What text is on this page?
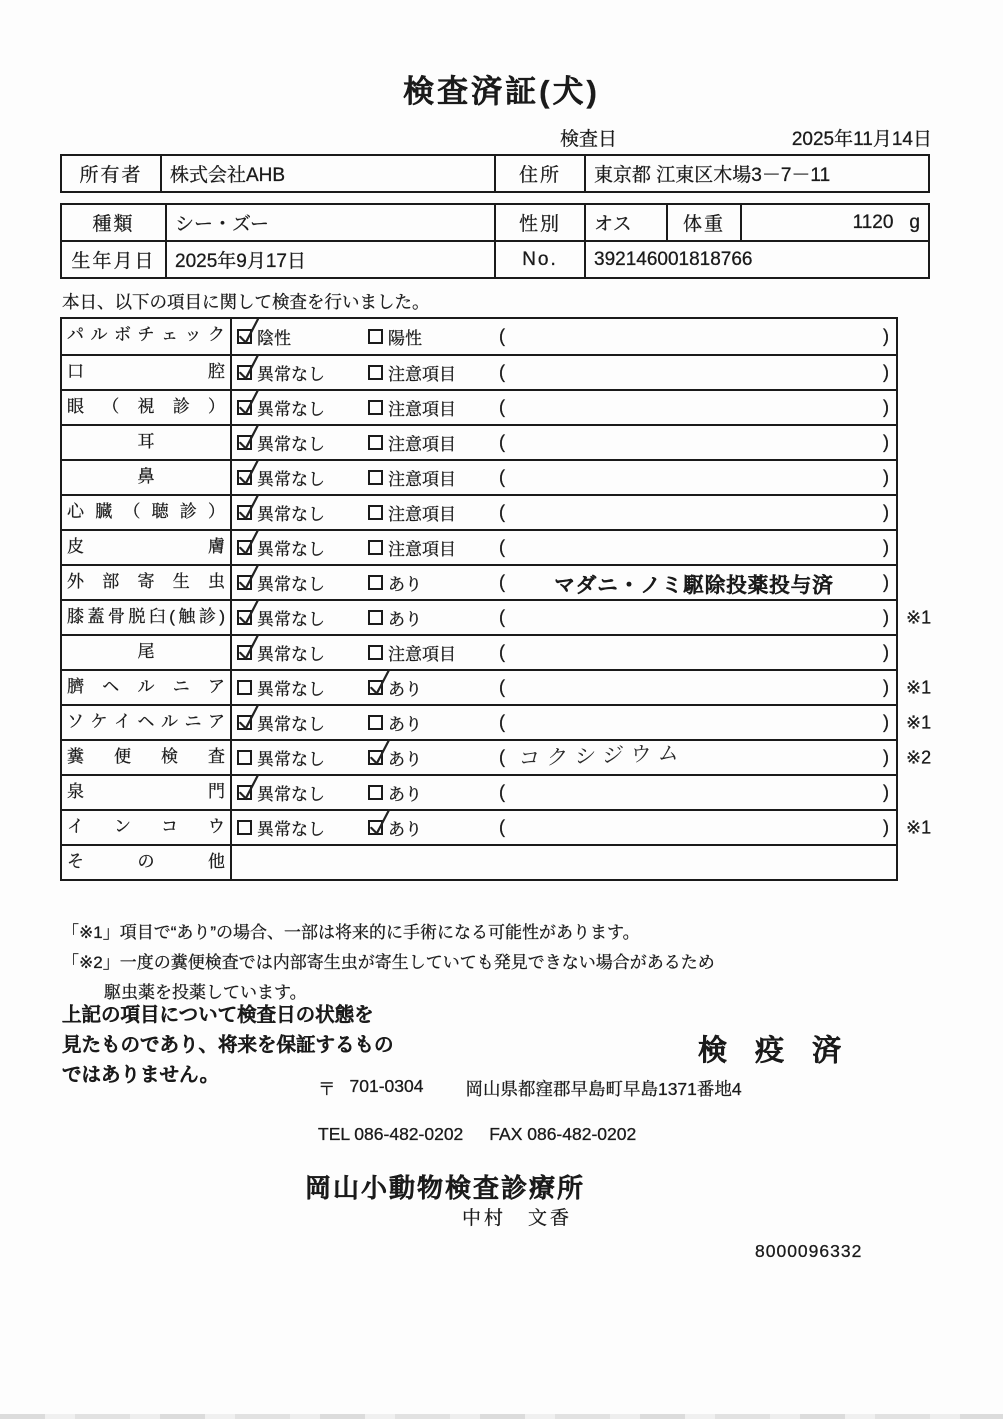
検査済証(犬)
検査日	2025年11月14日
所有者	株式会社AHB	住所	東京都 江東区木場3－7－11
種類	シー・ズー	性別	オス	体重	1120 g

生年月日	2025年9月17日	No.	392146001818766		
本日、以下の項目に関して検査を行いました。
パ ル ボ チ ェ ッ ク	陰性	陽性	(	)
口 腔	異常なし	注意項目 (	)
眼 （ 視 診 ）	異常なし	注意項目 (	)
耳	異常なし	注意項目 (	)
鼻	異常なし	注意項目 (	)
心 臓 （ 聴 診 ）	異常なし	注意項目 (	)
皮 膚	異常なし	注意項目 (	)
外 部 寄 生 虫	異常なし	あり	(	マダニ・ノミ駆除投薬投与済	)
膝蓋骨脱臼(触診)	異常なし	あり	(	) ※1
尾	異常なし	注意項目 (	)
臍 ヘ ル ニ ア	異常なし	あり	(	) ※1
ソ ケ イ ヘ ル ニ ア	異常なし	あり	(	) ※1
糞 便 検 査	異常なし	あり	( コクシジウム	) ※2
泉 門	異常なし	あり	(	)
イ ン コ ウ	異常なし	あり	(	) ※1
そ の 他
「※1」項目で“あり”の場合、一部は将来的に手術になる可能性があります。
「※2」一度の糞便検査では内部寄生虫が寄生していても発見できない場合があるため
駆虫薬を投薬しています。
上記の項目について検査日の状態を
見たものであり、将来を保証するもの
ではありません。
検 疫 済
〒 701-0304 岡山県都窪郡早島町早島1371番地4
TEL 086-482-0202 FAX 086-482-0202
岡山小動物検査診療所
中村　文香
8000096332
